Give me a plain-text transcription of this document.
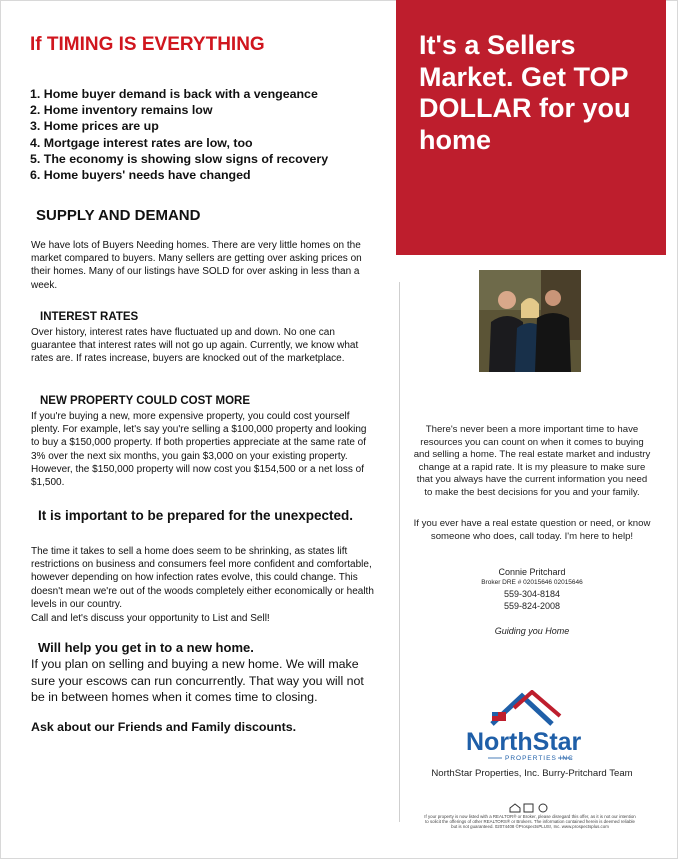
If TIMING IS EVERYTHING
1. Home buyer demand is back with a vengeance
2. Home inventory remains low
3. Home prices are up
4. Mortgage interest rates are low, too
5. The economy is showing slow signs of recovery
6. Home buyers' needs have changed
SUPPLY AND DEMAND

We have lots of Buyers Needing homes. There are very little homes on the market compared to buyers. Many sellers are getting over asking prices on their homes. Many of our listings have SOLD for over asking in less than a week.

INTEREST RATES

Over history, interest rates have fluctuated up and down. No one can guarantee that interest rates will not go up again. Currently, we know what rates are. If rates increase, buyers are knocked out of the marketplace.

NEW PROPERTY COULD COST MORE

If you're buying a new, more expensive property, you could cost yourself plenty. For example, let's say you're selling a $100,000 property and looking to buy a $150,000 property. If both properties appreciate at the same rate of 3% over the next six months, you gain $3,000 on your existing property. However, the $150,000 property will now cost you $154,500 or a net loss of $1,500.

It is important to be prepared for the unexpected.

The time it takes to sell a home does seem to be shrinking, as states lift restrictions on business and consumers feel more confident and comfortable, however depending on how infection rates evolve, this could change. This doesn't mean we're out of the woods completely either economically or health levels in our country.

Call and let's discuss your opportunity to List and Sell!

Will help you get in to a new home.

If you plan on selling and buying a new home. We will make sure your escows can run concurrently. That way you will not be in between homes when it comes time to closing.

Ask about our Friends and Family discounts.

It's a Sellers Market. Get TOP DOLLAR for you home

There's never been a more important time to have resources you can count on when it comes to buying and selling a home. The real estate market and industry change at a rapid rate. It is my pleasure to make sure that you always have the current information you need to make the best decisions for you and your family.

If you ever have a real estate question or need, or know someone who does, call today. I'm here to help!

Connie Pritchard

Broker DRE # 02015646 02015646

559-304-8184

559-824-2008

Guiding you Home

NorthStar
PROPERTIES INC

NorthStar Properties, Inc. Burry-Pritchard Team

If your property is now listed with a REALTOR® or Broker, please disregard this offer, as it is not our intention to solicit the offerings of other REALTORS® or Brokers. The information contained herein is deemed reliable but is not guaranteed. 02074408 ©ProspectsPLUS!, Inc. www.prospectsplus.com
